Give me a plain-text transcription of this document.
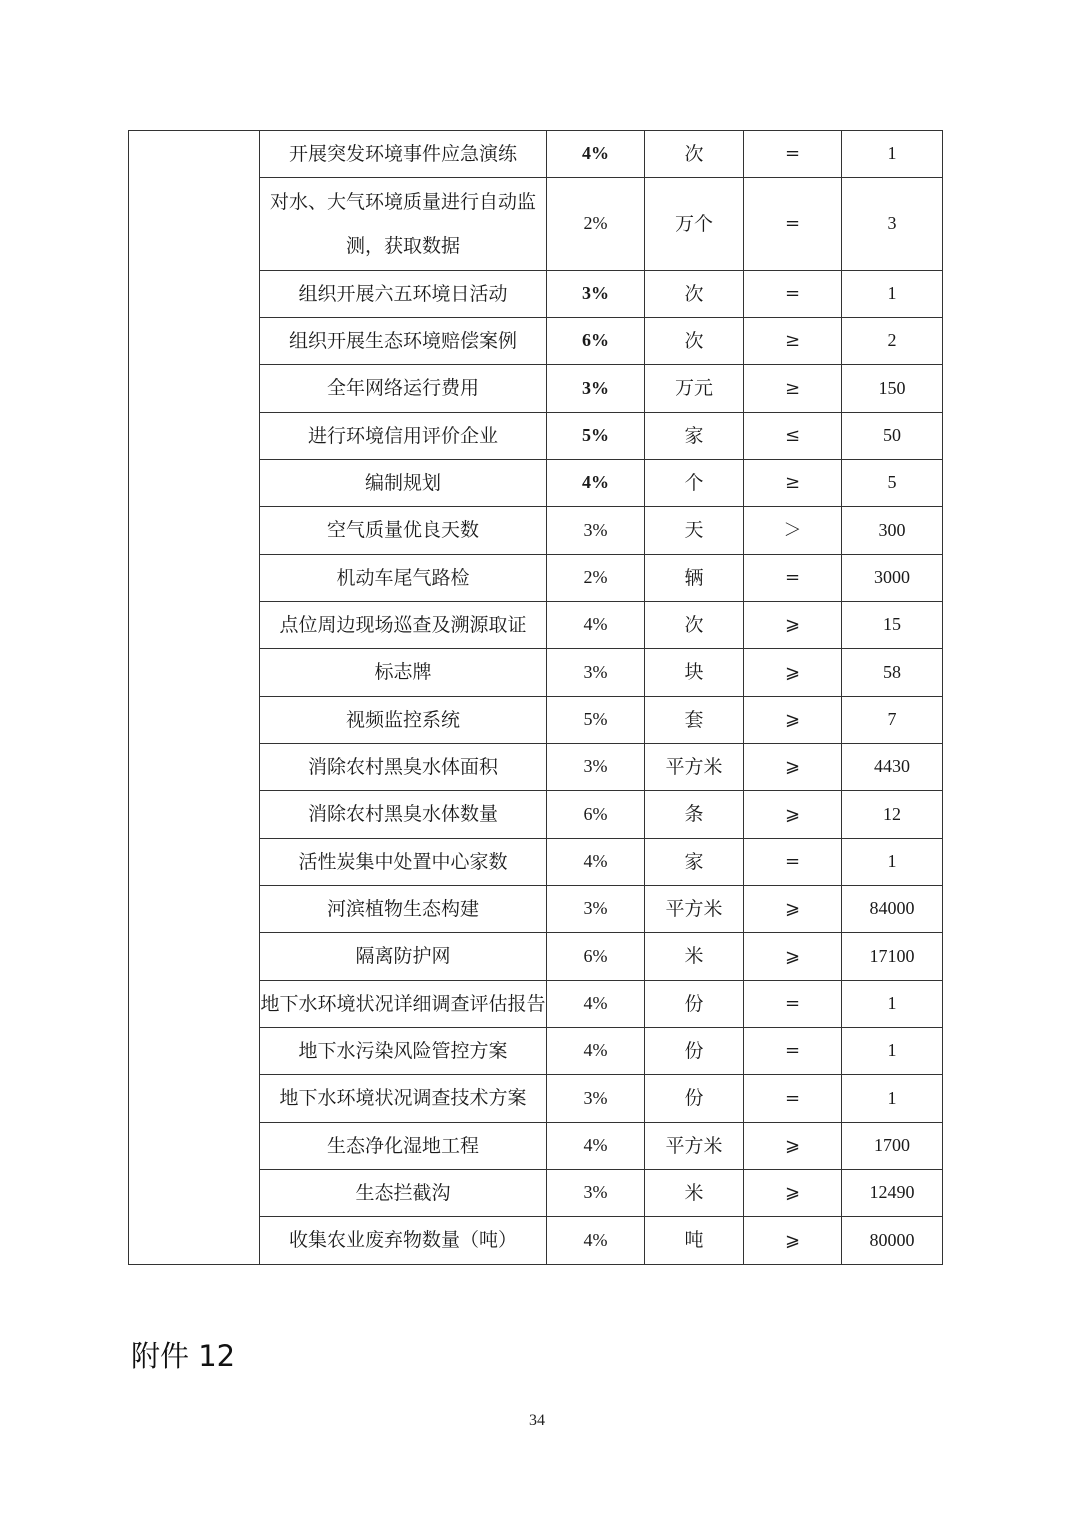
	开展突发环境事件应急演练	4%	次	=	1
	对水、大气环境质量进行自动监测，获取数据	2%	万个	=	3
	组织开展六五环境日活动	3%	次	=	1
	组织开展生态环境赔偿案例	6%	次	≥	2
	全年网络运行费用	3%	万元	≥	150
	进行环境信用评价企业	5%	家	≤	50
	编制规划	4%	个	≥	5
	空气质量优良天数	3%	天	＞	300
	机动车尾气路检	2%	辆	=	3000
	点位周边现场巡查及溯源取证	4%	次	⩾	15
	标志牌	3%	块	⩾	58
	视频监控系统	5%	套	⩾	7
	消除农村黑臭水体面积	3%	平方米	⩾	4430
	消除农村黑臭水体数量	6%	条	⩾	12
	活性炭集中处置中心家数	4%	家	=	1
	河滨植物生态构建	3%	平方米	⩾	84000
	隔离防护网	6%	米	⩾	17100
	地下水环境状况详细调查评估报告	4%	份	=	1
	地下水污染风险管控方案	4%	份	=	1
	地下水环境状况调查技术方案	3%	份	=	1
	生态净化湿地工程	4%	平方米	⩾	1700
	生态拦截沟	3%	米	⩾	12490
	收集农业废弃物数量（吨）	4%	吨	⩾	80000
附件 12
34
